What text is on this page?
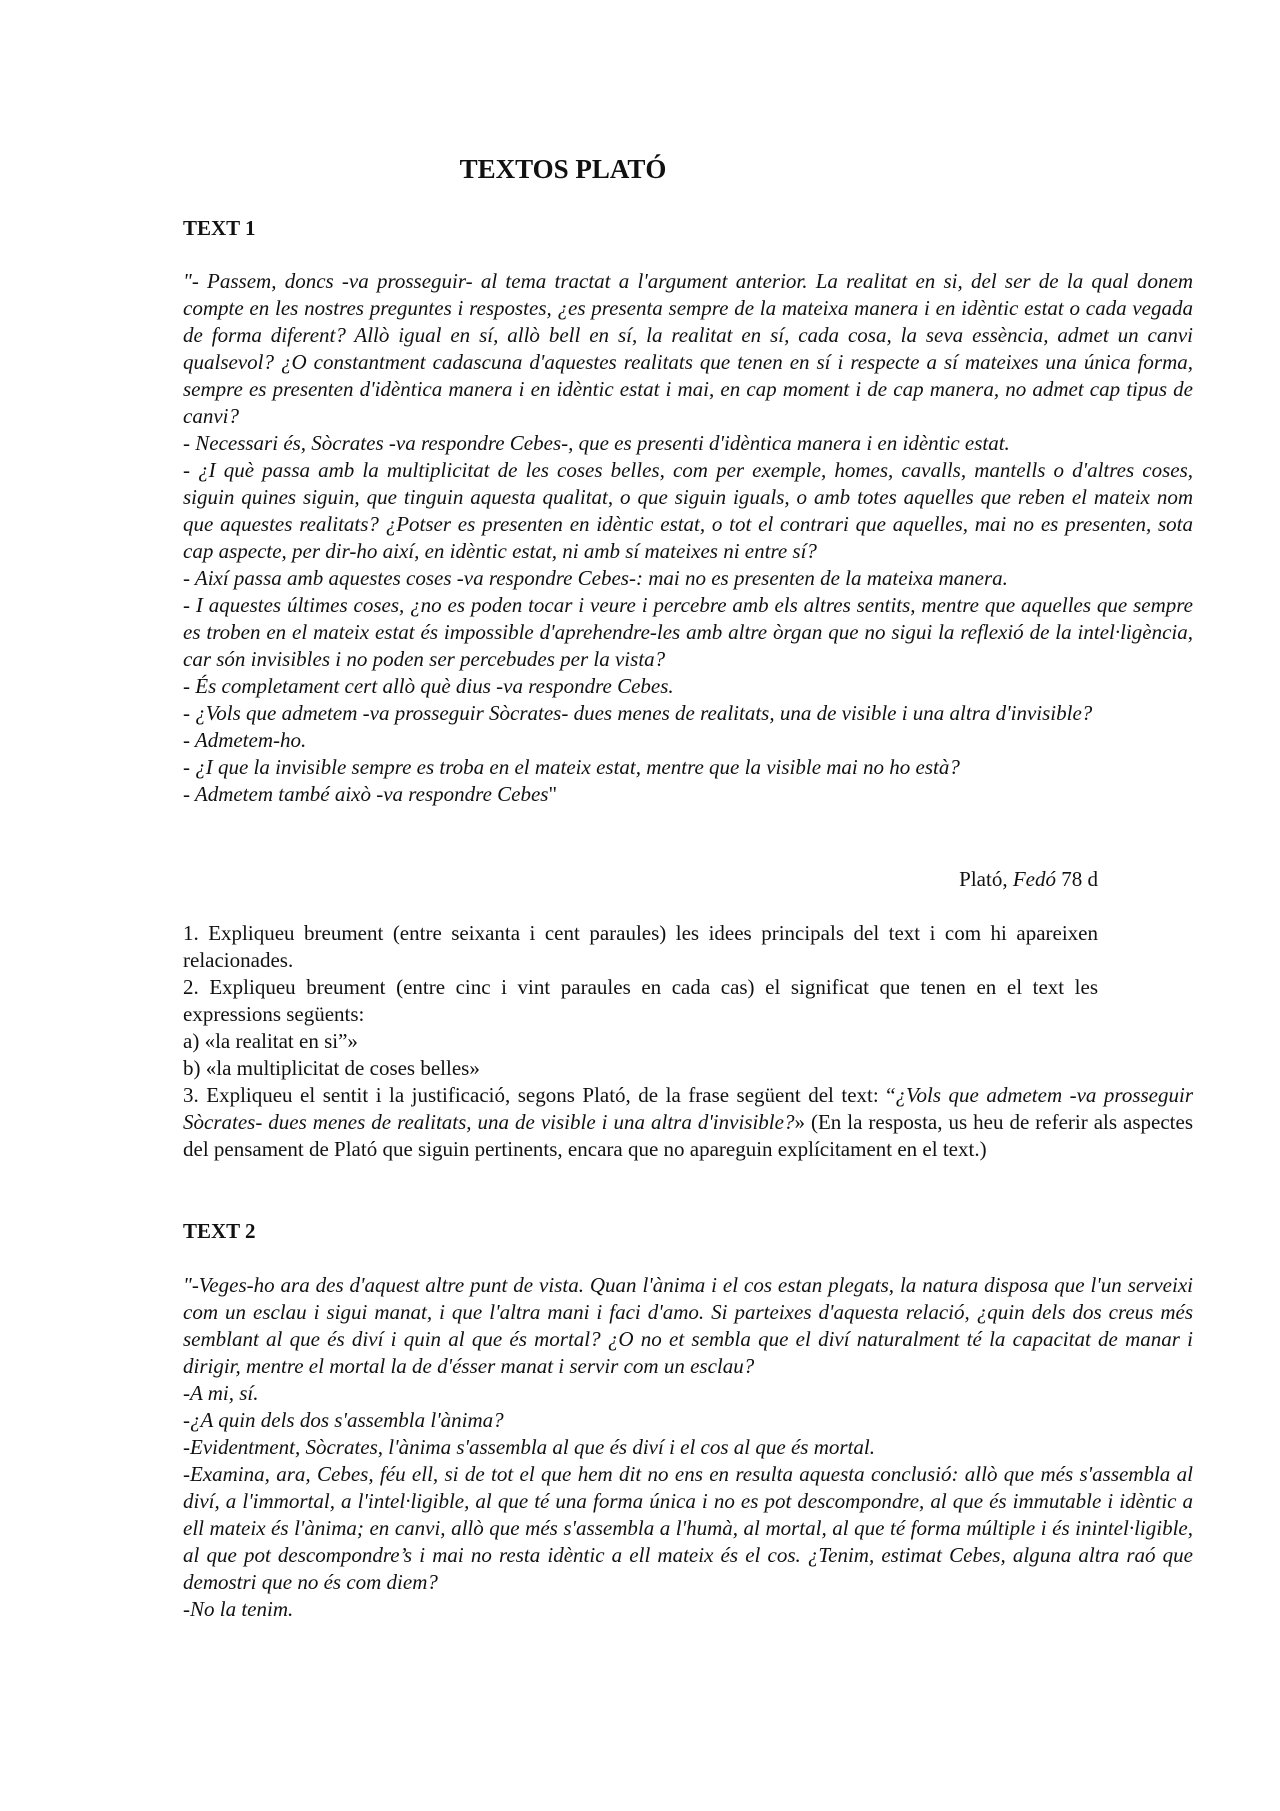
TEXTOS PLATÓ
TEXT 1

"- Passem, doncs -va prosseguir- al tema tractat a l'argument anterior. La realitat en si, del ser de la qual donem compte en les nostres preguntes i respostes, ¿es presenta sempre de la mateixa manera i en idèntic estat o cada vegada de forma diferent? Allò igual en sí, allò bell en sí, la realitat en sí, cada cosa, la seva essència, admet un canvi qualsevol? ¿O constantment cadascuna d'aquestes realitats que tenen en sí i respecte a sí mateixes una única forma, sempre es presenten d'idèntica manera i en idèntic estat i mai, en cap moment i de cap manera, no admet cap tipus de canvi?

- Necessari és, Sòcrates -va respondre Cebes-, que es presenti d'idèntica manera i en idèntic estat.

- ¿I què passa amb la multiplicitat de les coses belles, com per exemple, homes, cavalls, mantells o d'altres coses, siguin quines siguin, que tinguin aquesta qualitat, o que siguin iguals, o amb totes aquelles que reben el mateix nom que aquestes realitats? ¿Potser es presenten en idèntic estat, o tot el contrari que aquelles, mai no es presenten, sota cap aspecte, per dir-ho així, en idèntic estat, ni amb sí mateixes ni entre sí?

- Així passa amb aquestes coses -va respondre Cebes-: mai no es presenten de la mateixa manera.

- I aquestes últimes coses, ¿no es poden tocar i veure i percebre amb els altres sentits, mentre que aquelles que sempre es troben en el mateix estat és impossible d'aprehendre-les amb altre òrgan que no sigui la reflexió de la intel·ligència, car són invisibles i no poden ser percebudes per la vista?

- És completament cert allò què dius -va respondre Cebes.

- ¿Vols que admetem -va prosseguir Sòcrates- dues menes de realitats, una de visible i una altra d'invisible?

- Admetem-ho.

- ¿I que la invisible sempre es troba en el mateix estat, mentre que la visible mai no ho està?

- Admetem també això -va respondre Cebes"

Plató, Fedó 78 d

1. Expliqueu breument (entre seixanta i cent paraules) les idees principals del text i com hi apareixen relacionades.

2. Expliqueu breument (entre cinc i vint paraules en cada cas) el significat que tenen en el text les expressions següents:

a) «la realitat en si”»

b) «la multiplicitat de coses belles»

3. Expliqueu el sentit i la justificació, segons Plató, de la frase següent del text: “¿Vols que admetem -va prosseguir Sòcrates- dues menes de realitats, una de visible i una altra d'invisible?» (En la resposta, us heu de referir als aspectes del pensament de Plató que siguin pertinents, encara que no apareguin explícitament en el text.)

TEXT 2

"-Veges-ho ara des d'aquest altre punt de vista. Quan l'ànima i el cos estan plegats, la natura disposa que l'un serveixi com un esclau i sigui manat, i que l'altra mani i faci d'amo. Si parteixes d'aquesta relació, ¿quin dels dos creus més semblant al que és diví i quin al que és mortal? ¿O no et sembla que el diví naturalment té la capacitat de manar i dirigir, mentre el mortal la de d'ésser manat i servir com un esclau?

-A mi, sí.

-¿A quin dels dos s'assembla l'ànima?

-Evidentment, Sòcrates, l'ànima s'assembla al que és diví i el cos al que és mortal.

-Examina, ara, Cebes, féu ell, si de tot el que hem dit no ens en resulta aquesta conclusió: allò que més s'assembla al diví, a l'immortal, a l'intel·ligible, al que té una forma única i no es pot descompondre, al que és immutable i idèntic a ell mateix és l'ànima; en canvi, allò que més s'assembla a l'humà, al mortal, al que té forma múltiple i és inintel·ligible, al que pot descompondre’s i mai no resta idèntic a ell mateix és el cos. ¿Tenim, estimat Cebes, alguna altra raó que demostri que no és com diem?

-No la tenim.
